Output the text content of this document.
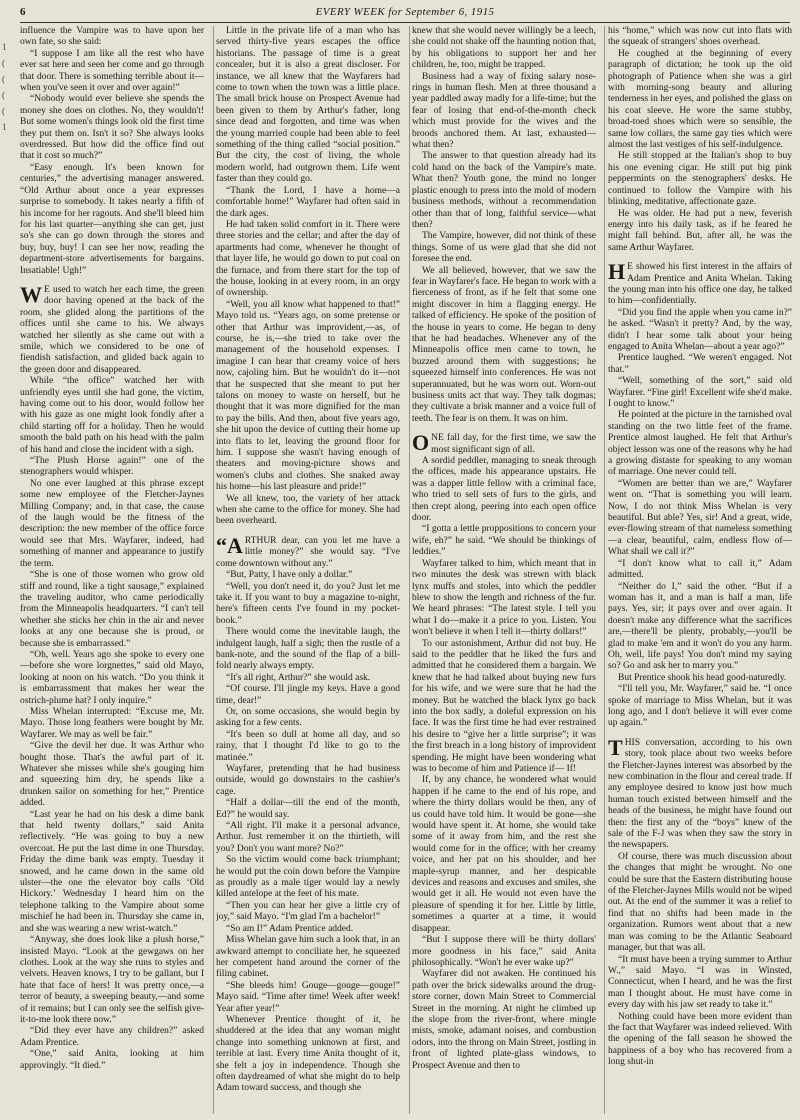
6	EVERY WEEK for September 6, 1915
1
(
(
(
(
1

influence the Vampire was to have upon her own fate, so she said:

“I suppose I am like all the rest who have ever sat here and seen her come and go through that door. There is something terrible about it—when you've seen it over and over again!”

“Nobody would ever believe she spends the money she does on clothes. No, they wouldn't! But some women's things look old the first time they put them on. Isn't it so? She always looks overdressed. But how did the office find out that it cost so much?”

“Easy enough. It's been known for centuries,” the advertising manager answered. “Old Arthur about once a year expresses surprise to somebody. It takes nearly a fifth of his income for her ragouts. And she'll bleed him for his last quarter—anything she can get, just so's she can go down through the stores and buy, buy, buy! I can see her now, reading the department-store advertisements for bargains. Insatiable! Ugh!”

WE used to watch her each time, the green door having opened at the back of the room, she glided along the partitions of the offices until she came to his. We always watched her silently as she came out with a smile, which we considered to be one of fiendish satisfaction, and glided back again to the green door and disappeared.

While “the office” watched her with unfriendly eyes until she had gone, the victim, having come out to his door, would follow her with his gaze as one might look fondly after a child starting off for a holiday. Then he would smooth the bald path on his head with the palm of his hand and close the incident with a sigh.

“The Plush Horse again!” one of the stenographers would whisper.

No one ever laughed at this phrase except some new employee of the Fletcher-Jaynes Milling Company; and, in that case, the cause of the laugh would be the fitness of the description: the new member of the office force would see that Mrs. Wayfarer, indeed, had something of manner and appearance to justify the term.

“She is one of those women who grow old stiff and round, like a tight sausage,” explained the traveling auditor, who came periodically from the Minneapolis headquarters. “I can't tell whether she sticks her chin in the air and never looks at any one because she is proud, or because she is embarrassed.”

“Oh, well. Years ago she spoke to every one—before she wore lorgnettes,” said old Mayo, looking at noon on his watch. “Do you think it is embarrassment that makes her wear the ostrich-plume hat? I only inquire.”

Miss Whelan interrupted: “Excuse me, Mr. Mayo. Those long feathers were bought by Mr. Wayfarer. We may as well be fair.”

“Give the devil her due. It was Arthur who bought those. That's the awful part of it. Whatever she misses while she's gouging him and squeezing him dry, he spends like a drunken sailor on something for her,” Prentice added.

“Last year he had on his desk a dime bank that held twenty dollars,” said Anita reflectively. “He was going to buy a new overcoat. He put the last dime in one Thursday. Friday the dime bank was empty. Tuesday it snowed, and he came down in the same old ulster—the one the elevator boy calls ‘Old Hickory.’ Wednesday I heard him on the telephone talking to the Vampire about some mischief he had been in. Thursday she came in, and she was wearing a new wrist-watch.”

“Anyway, she does look like a plush horse,” insisted Mayo. “Look at the gewgaws on her clothes. Look at the way she runs to styles and velvets. Heaven knows, I try to be gallant, but I hate that face of hers! It was pretty once,—a terror of beauty, a sweeping beauty,—and some of it remains; but I can only see the selfish give-it-to-me look there now.”

“Did they ever have any children?” asked Adam Prentice.

“One,” said Anita, looking at him approvingly. “It died.”

Little in the private life of a man who has served thirty-five years escapes the office historians. The passage of time is a great concealer, but it is also a great discloser. For instance, we all knew that the Wayfarers had come to town when the town was a little place. The small brick house on Prospect Avenue had been given to them by Arthur's father, long since dead and forgotten, and time was when the young married couple had been able to feel something of the thing called “social position.” But the city, the cost of living, the whole modern world, had outgrown them. Life went faster than they could go.

“Thank the Lord, I have a home—a comfortable home!” Wayfarer had often said in the dark ages.

He had taken solid comfort in it. There were three stories and the cellar; and after the day of apartments had come, whenever he thought of that layer life, he would go down to put coal on the furnace, and from there start for the top of the house, looking in at every room, in an orgy of ownership.

“Well, you all know what happened to that!” Mayo told us. “Years ago, on some pretense or other that Arthur was improvident,—as, of course, he is,—she tried to take over the management of the household expenses. I imagine I can hear that creamy voice of hers now, cajoling him. But he wouldn't do it—not that he suspected that she meant to put her talons on money to waste on herself, but he thought that it was more dignified for the man to pay the bills. And then, about five years ago, she hit upon the device of cutting their home up into flats to let, leaving the ground floor for him. I suppose she wasn't having enough of theaters and moving-picture shows and women's clubs and clothes. She snaked away his home—his last pleasure and pride!”

We all knew, too, the variety of her attack when she came to the office for money. She had been overheard.

“ARTHUR dear, can you let me have a little money?” she would say. “I've come downtown without any.”

“But, Patty, I have only a dollar.”

“Well, you don't need it, do you? Just let me take it. If you want to buy a magazine to-night, here's fifteen cents I've found in my pocket-book.”

There would come the inevitable laugh, the indulgent laugh, half a sigh; then the rustle of a bank-note, and the sound of the flap of a bill-fold nearly always empty.

“It's all right, Arthur?” she would ask.

“Of course. I'll jingle my keys. Have a good time, dear!”

Or, on some occasions, she would begin by asking for a few cents.

“It's been so dull at home all day, and so rainy, that I thought I'd like to go to the matinée.”

Wayfarer, pretending that he had business outside, would go downstairs to the cashier's cage.

“Half a dollar—till the end of the month, Ed?” he would say.

“All right. I'll make it a personal advance, Arthur. Just remember it on the thirtieth, will you? Don't you want more? No?”

So the victim would come back triumphant; he would put the coin down before the Vampire as proudly as a male tiger would lay a newly killed antelope at the feet of his mate.

“Then you can hear her give a little cry of joy,” said Mayo. “I'm glad I'm a bachelor!”

“So am I!” Adam Prentice added.

Miss Whelan gave him such a look that, in an awkward attempt to conciliate her, he squeezed her competent hand around the corner of the filing cabinet.

“She bleeds him! Gouge—gouge—gouge!” Mayo said. “Time after time! Week after week! Year after year!”

Whenever Prentice thought of it, he shuddered at the idea that any woman might change into something unknown at first, and terrible at last. Every time Anita thought of it, she felt a joy in independence. Though she often daydreamed of what she might do to help Adam toward success, and though she

knew that she would never willingly be a leech, she could not shake off the haunting notion that, by his obligations to support her and her children, he, too, might be trapped.

Business had a way of fixing salary nose-rings in human flesh. Men at three thousand a year paddled away madly for a life-time; but the fear of losing that end-of-the-month check which must provide for the wives and the broods anchored them. At last, exhausted—what then?

The answer to that question already had its cold hand on the back of the Vampire's mate. What then? Youth gone, the mind no longer plastic enough to press into the mold of modern business methods, without a recommendation other than that of long, faithful service—what then?

The Vampire, however, did not think of these things. Some of us were glad that she did not foresee the end.

We all believed, however, that we saw the fear in Wayfarer's face. He began to work with a fierceness of front, as if he felt that some one might discover in him a flagging energy. He talked of efficiency. He spoke of the position of the house in years to come. He began to deny that he had headaches. Whenever any of the Minneapolis office men came to town, he buzzed around them with suggestions; he squeezed himself into conferences. He was not superannuated, but he was worn out. Worn-out business units act that way. They talk dogmas; they cultivate a brisk manner and a voice full of teeth. The fear is on them. It was on him.

ONE fall day, for the first time, we saw the most significant sign of all.

A sordid peddler, managing to sneak through the offices, made his appearance upstairs. He was a dapper little fellow with a criminal face, who tried to sell sets of furs to the girls, and then crept along, peering into each open office door.

“I gotta a lettle proppositions to concern your wife, eh?” he said. “We should be thinkings of leddies.”

Wayfarer talked to him, which meant that in two minutes the desk was strewn with black lynx muffs and stoles, into which the peddler blew to show the length and richness of the fur. We heard phrases: “The latest style. I tell you what I do—make it a price to you. Listen. You won't believe it when I tell it—thirty dollars!”

To our astonishment, Arthur did not buy. He said to the peddler that he liked the furs and admitted that he considered them a bargain. We knew that he had talked about buying new furs for his wife, and we were sure that he had the money. But he watched the black lynx go back into the box sadly, a doleful expression on his face. It was the first time he had ever restrained his desire to “give her a little surprise”; it was the first breach in a long history of improvident spending. He might have been wondering what was to become of him and Patience if— If!

If, by any chance, he wondered what would happen if he came to the end of his rope, and where the thirty dollars would be then, any of us could have told him. It would be gone—she would have spent it. At home, she would take some of it away from him, and the rest she would come for in the office; with her creamy voice, and her pat on his shoulder, and her maple-syrup manner, and her despicable devices and reasons and excuses and smiles, she would get it all. He would not even have the pleasure of spending it for her. Little by little, sometimes a quarter at a time, it would disappear.

“But I suppose there will be thirty dollars' more goodness in his face,” said Anita philosophically. “Won't he ever wake up?”

Wayfarer did not awaken. He continued his path over the brick sidewalks around the drug-store corner, down Main Street to Commercial Street in the morning. At night he climbed up the slope from the river-front, where mingle mists, smoke, adamant noises, and combustion odors, into the throng on Main Street, jostling in front of lighted plate-glass windows, to Prospect Avenue and then to

his “home,” which was now cut into flats with the squeak of strangers' shoes overhead.

He coughed at the beginning of every paragraph of dictation; he took up the old photograph of Patience when she was a girl with morning-song beauty and alluring tenderness in her eyes, and polished the glass on his coat sleeve. He wore the same stubby, broad-toed shoes which were so sensible, the same low collars, the same gay ties which were almost the last vestiges of his self-indulgence.

He still stopped at the Italian's shop to buy his one evening cigar. He still put big pink peppermints on the stenographers' desks. He continued to follow the Vampire with his blinking, meditative, affectionate gaze.

He was older. He had put a new, feverish energy into his daily task, as if he feared he might fall behind. But, after all, he was the same Arthur Wayfarer.

HE showed his first interest in the affairs of Adam Prentice and Anita Whelan. Taking the young man into his office one day, he talked to him—confidentially.

“Did you find the apple when you came in?” he asked. “Wasn't it pretty? And, by the way, didn't I hear some talk about your being engaged to Anita Whelan—about a year ago?”

Prentice laughed. “We weren't engaged. Not that.”

“Well, something of the sort,” said old Wayfarer. “Fine girl! Excellent wife she'd make. I ought to know.”

He pointed at the picture in the tarnished oval standing on the two little feet of the frame. Prentice almost laughed. He felt that Arthur's object lesson was one of the reasons why he had a growing distaste for speaking to any woman of marriage. One never could tell.

“Women are better than we are,” Wayfarer went on. “That is something you will learn. Now, I do not think Miss Whelan is very beautiful. But able? Yes, sir! And a great, wide, ever-flowing stream of that nameless something—a clear, beautiful, calm, endless flow of—What shall we call it?”

“I don't know what to call it,” Adam admitted.

“Neither do I,” said the other. “But if a woman has it, and a man is half a man, life pays. Yes, sir; it pays over and over again. It doesn't make any difference what the sacrifices are,—there'll be plenty, probably,—you'll be glad to make 'em and it won't do you any harm. Oh, well, life pays! You don't mind my saying so? Go and ask her to marry you.”

But Prentice shook his head good-naturedly.

“I'll tell you, Mr. Wayfarer,” said he. “I once spoke of marriage to Miss Whelan, but it was long ago, and I don't believe it will ever come up again.”

THIS conversation, according to his own story, took place about two weeks before the Fletcher-Jaynes interest was absorbed by the new combination in the flour and cereal trade. If any employee desired to know just how much human touch existed between himself and the heads of the business, he might have found out then: the first any of the “boys” knew of the sale of the F-J was when they saw the story in the newspapers.

Of course, there was much discussion about the changes that might be wrought. No one could be sure that the Eastern distributing house of the Fletcher-Jaynes Mills would not be wiped out. At the end of the summer it was a relief to find that no shifts had been made in the organization. Rumors went about that a new man was coming to be the Atlantic Seaboard manager, but that was all.

“It must have been a trying summer to Arthur W.,” said Mayo. “I was in Winsted, Connecticut, when I heard, and he was the first man I thought about. He must have come in every day with his jaw set ready to take it.”

Nothing could have been more evident than the fact that Wayfarer was indeed relieved. With the opening of the fall season he showed the happiness of a boy who has recovered from a long shut-in
